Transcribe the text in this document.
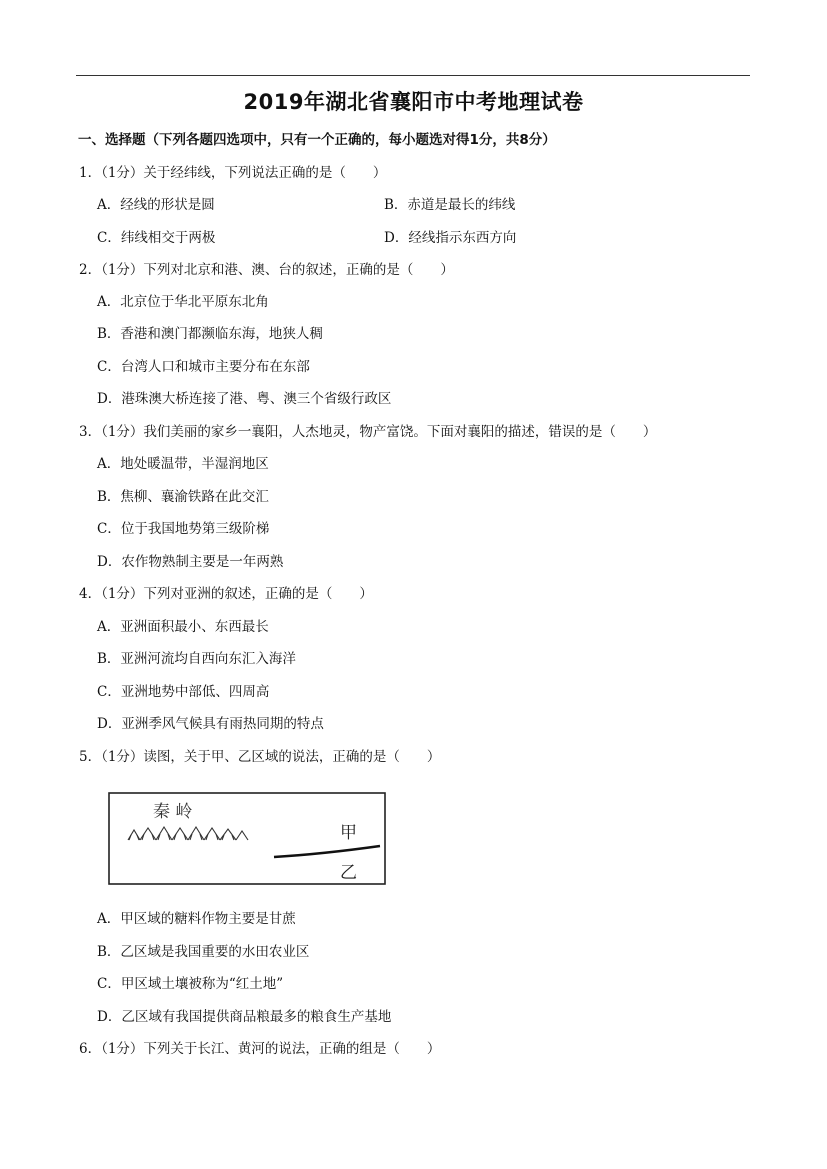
2019年湖北省襄阳市中考地理试卷
一、选择题（下列各题四选项中，只有一个正确的，每小题选对得1分，共8分）
1．（1分）关于经纬线，下列说法正确的是（　　）
A．经线的形状是圆	B．赤道是最长的纬线
C．纬线相交于两极	D．经线指示东西方向
2．（1分）下列对北京和港、澳、台的叙述，正确的是（　　）
A．北京位于华北平原东北角
B．香港和澳门都濒临东海，地狭人稠
C．台湾人口和城市主要分布在东部
D．港珠澳大桥连接了港、粤、澳三个省级行政区
3．（1分）我们美丽的家乡一襄阳，人杰地灵，物产富饶。下面对襄阳的描述，错误的是（　　）
A．地处暖温带，半湿润地区
B．焦柳、襄渝铁路在此交汇
C．位于我国地势第三级阶梯
D．农作物熟制主要是一年两熟
4．（1分）下列对亚洲的叙述，正确的是（　　）
A．亚洲面积最小、东西最长
B．亚洲河流均自西向东汇入海洋
C．亚洲地势中部低、四周高
D．亚洲季风气候具有雨热同期的特点
5．（1分）读图，关于甲、乙区域的说法，正确的是（　　）
秦 岭
甲
乙
A．甲区域的糖料作物主要是甘蔗
B．乙区域是我国重要的水田农业区
C．甲区域土壤被称为“红土地”
D．乙区域有我国提供商品粮最多的粮食生产基地
6．（1分）下列关于长江、黄河的说法，正确的组是（　　）
